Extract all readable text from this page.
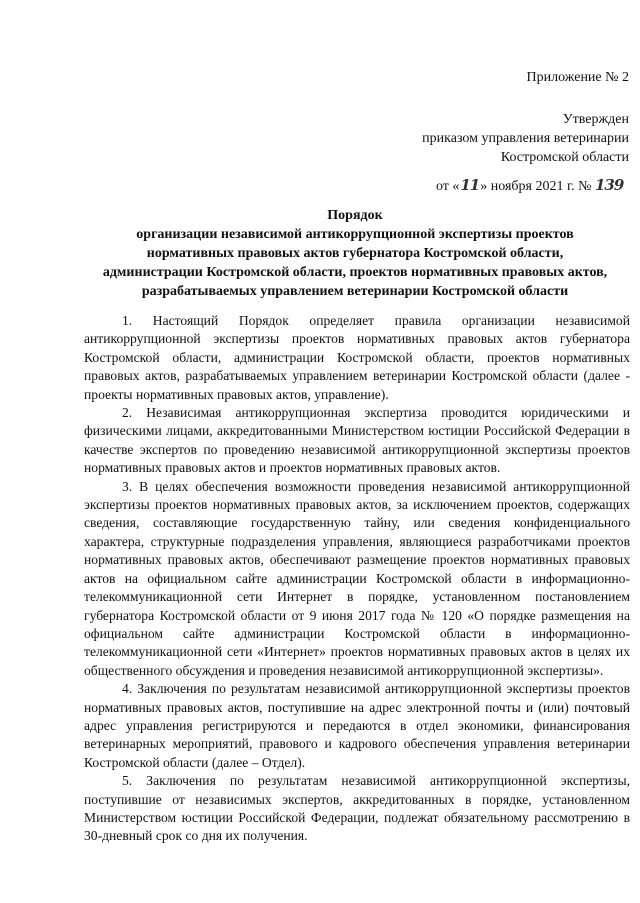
Приложение № 2
Утвержден
приказом управления ветеринарии
Костромской области
от «11» ноября 2021 г. № 139
Порядок
организации независимой антикоррупционной экспертизы проектов
нормативных правовых актов губернатора Костромской области,
администрации Костромской области, проектов нормативных правовых актов,
разрабатываемых управлением ветеринарии Костромской области

1. Настоящий Порядок определяет правила организации независимой антикоррупционной экспертизы проектов нормативных правовых актов губернатора Костромской области, администрации Костромской области, проектов нормативных правовых актов, разрабатываемых управлением ветеринарии Костромской области (далее - проекты нормативных правовых актов, управление).

2. Независимая антикоррупционная экспертиза проводится юридическими и физическими лицами, аккредитованными Министерством юстиции Российской Федерации в качестве экспертов по проведению независимой антикоррупционной экспертизы проектов нормативных правовых актов и проектов нормативных правовых актов.

3. В целях обеспечения возможности проведения независимой антикоррупционной экспертизы проектов нормативных правовых актов, за исключением проектов, содержащих сведения, составляющие государственную тайну, или сведения конфиденциального характера, структурные подразделения управления, являющиеся разработчиками проектов нормативных правовых актов, обеспечивают размещение проектов нормативных правовых актов на официальном сайте администрации Костромской области в информационно-телекоммуникационной сети Интернет в порядке, установленном постановлением губернатора Костромской области от 9 июня 2017 года № 120 «О порядке размещения на официальном сайте администрации Костромской области в информационно-телекоммуникационной сети «Интернет» проектов нормативных правовых актов в целях их общественного обсуждения и проведения независимой антикоррупционной экспертизы».

4. Заключения по результатам независимой антикоррупционной экспертизы проектов нормативных правовых актов, поступившие на адрес электронной почты и (или) почтовый адрес управления регистрируются и передаются в отдел экономики, финансирования ветеринарных мероприятий, правового и кадрового обеспечения управления ветеринарии Костромской области (далее – Отдел).

5. Заключения по результатам независимой антикоррупционной экспертизы, поступившие от независимых экспертов, аккредитованных в порядке, установленном Министерством юстиции Российской Федерации, подлежат обязательному рассмотрению в 30-дневный срок со дня их получения.
